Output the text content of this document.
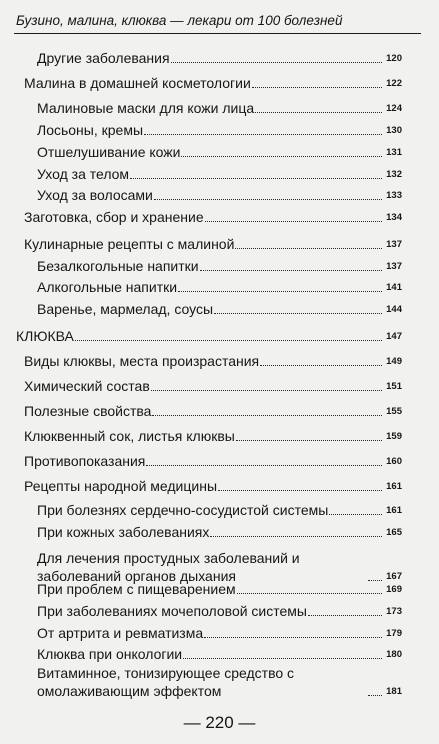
Бузино, малина, клюква — лекари от 100 болезней
Другие заболевания	120
Малина в домашней косметологии	122
Малиновые маски для кожи лица	124
Лосьоны, кремы	130
Отшелушивание кожи	131
Уход за телом	132
Уход за волосами	133
Заготовка, сбор и хранение	134
Кулинарные рецепты с малиной	137
Безалкогольные напитки	137
Алкогольные напитки	141
Варенье, мармелад, соусы	144
КЛЮКВА	147
Виды клюквы, места произрастания	149
Химический состав	151
Полезные свойства	155
Клюквенный сок, листья клюквы	159
Противопоказания	160
Рецепты народной медицины	161
При болезнях сердечно-сосудистой системы	161
При кожных заболеваниях	165
Для лечения простудных заболеваний и заболеваний органов дыхания	167
При проблем с пищеварением	169
При заболеваниях мочеполовой системы	173
От артрита и ревматизма	179
Клюква при онкологии	180
Витаминное, тонизирующее средство с омолаживающим эффектом	181
— 220 —
